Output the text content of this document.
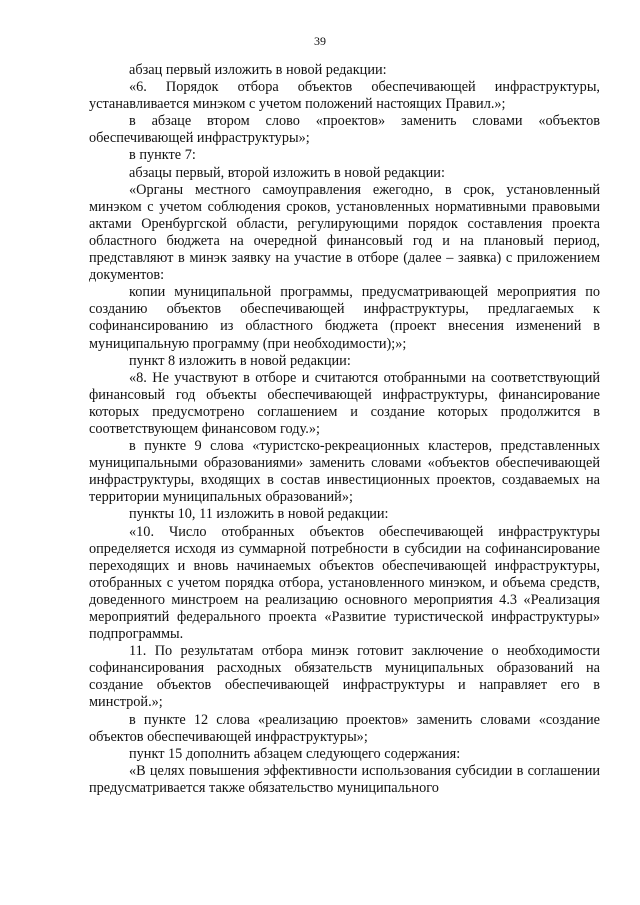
39

абзац первый изложить в новой редакции:

«6. Порядок отбора объектов обеспечивающей инфраструктуры, устанавливается минэком с учетом положений настоящих Правил.»;

в абзаце втором слово «проектов» заменить словами «объектов обеспечивающей инфраструктуры»;

в пункте 7:

абзацы первый, второй изложить в новой редакции:

«Органы местного самоуправления ежегодно, в срок, установленный минэком с учетом соблюдения сроков, установленных нормативными правовыми актами Оренбургской области, регулирующими порядок составления проекта областного бюджета на очередной финансовый год и на плановый период, представляют в минэк заявку на участие в отборе (далее – заявка) с приложением документов:

копии муниципальной программы, предусматривающей мероприятия по созданию объектов обеспечивающей инфраструктуры, предлагаемых к софинансированию из областного бюджета (проект внесения изменений в муниципальную программу (при необходимости);»;

пункт 8 изложить в новой редакции:

«8. Не участвуют в отборе и считаются отобранными на соответствующий финансовый год объекты обеспечивающей инфраструктуры, финансирование которых предусмотрено соглашением и создание которых продолжится в соответствующем финансовом году.»;

в пункте 9 слова «туристско-рекреационных кластеров, представленных муниципальными образованиями» заменить словами «объектов обеспечивающей инфраструктуры, входящих в состав инвестиционных проектов, создаваемых на территории муниципальных образований»;

пункты 10, 11 изложить в новой редакции:

«10. Число отобранных объектов обеспечивающей инфраструктуры определяется исходя из суммарной потребности в субсидии на софинансирование переходящих и вновь начинаемых объектов обеспечивающей инфраструктуры, отобранных с учетом порядка отбора, установленного минэком, и объема средств, доведенного минстроем на реализацию основного мероприятия 4.3 «Реализация мероприятий федерального проекта «Развитие туристической инфраструктуры» подпрограммы.

11. По результатам отбора минэк готовит заключение о необходимости софинансирования расходных обязательств муниципальных образований на создание объектов обеспечивающей инфраструктуры и направляет его в минстрой.»;

в пункте 12 слова «реализацию проектов» заменить словами «создание объектов обеспечивающей инфраструктуры»;

пункт 15 дополнить абзацем следующего содержания:

«В целях повышения эффективности использования субсидии в соглашении предусматривается также обязательство муниципального
